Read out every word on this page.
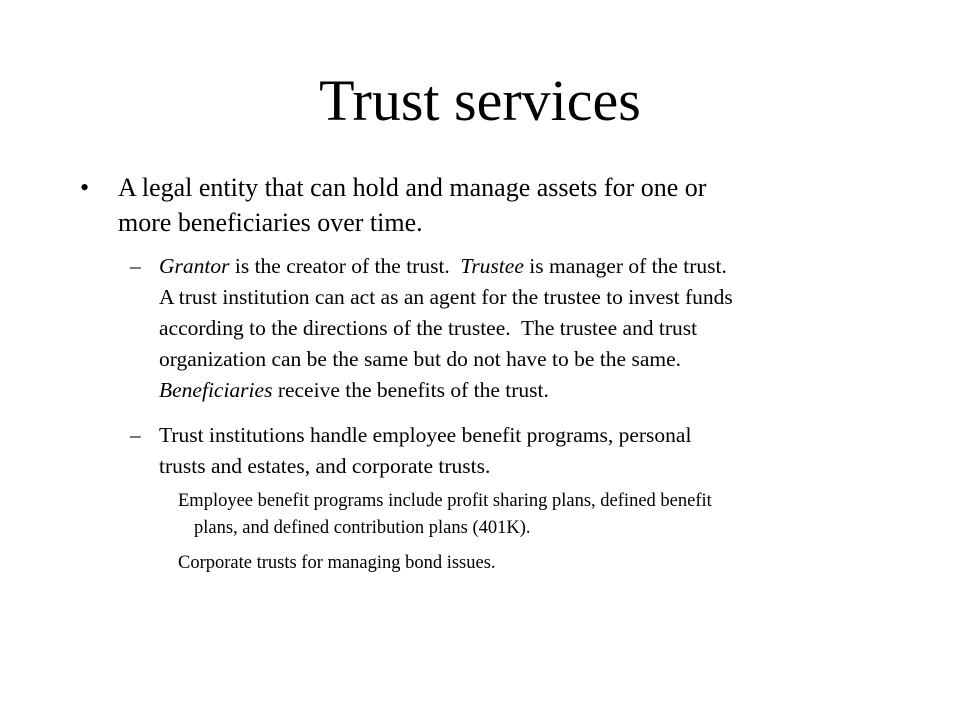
Trust services
• A legal entity that can hold and manage assets for one or
more beneficiaries over time.
– Grantor is the creator of the trust.  Trustee is manager of the trust.
A trust institution can act as an agent for the trustee to invest funds
according to the directions of the trustee.  The trustee and trust
organization can be the same but do not have to be the same.
Beneficiaries receive the benefits of the trust.
– Trust institutions handle employee benefit programs, personal
trusts and estates, and corporate trusts.
Employee benefit programs include profit sharing plans, defined benefit
plans, and defined contribution plans (401K).
Corporate trusts for managing bond issues.
